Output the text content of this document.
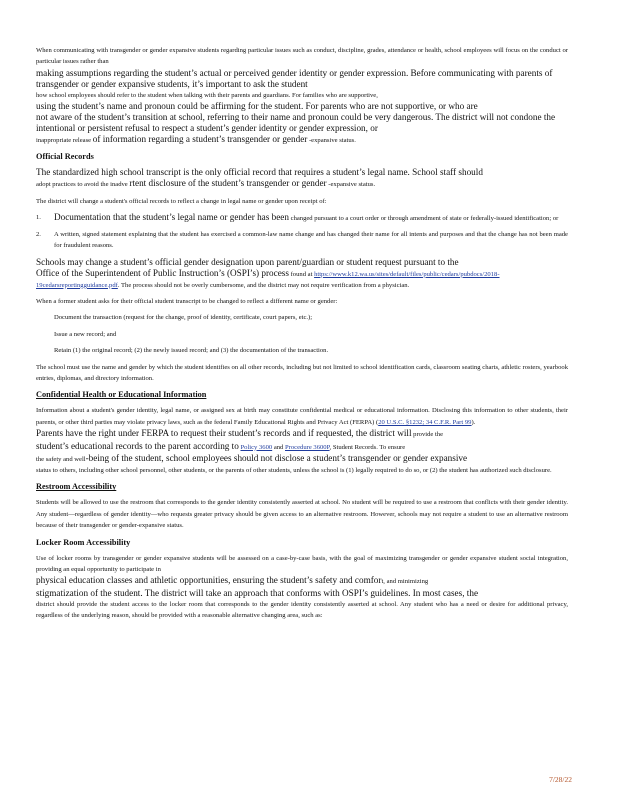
When communicating with transgender or gender expansive students regarding particular issues such as conduct, discipline, grades, attendance or health, school employees will focus on the conduct or particular issues rather than

making assumptions regarding the student’s actual or perceived gender identity or gender expression. Before communicating with parents of transgender or gender expansive students, it’s important to ask the student

how school employees should refer to the student when talking with their parents and guardians. For families who are supportive,

using the student’s name and pronoun could be affirming for the student. For parents who are not supportive, or who are

not aware of the student’s transition at school, referring to their name and pronoun could be very dangerous. The district will not condone the intentional or persistent refusal to respect a student’s gender identity or gender expression, or

inappropriate release of information regarding a student’s transgender or gender -expansive status.

Official Records

The standardized high school transcript is the only official record that requires a student’s legal name. School staff should

adopt practices to avoid the inadve rtent disclosure of the student’s transgender or gender -expansive status.

The district will change a student's official records to reflect a change in legal name or gender upon receipt of:

1.	Documentation that the student’s legal name or gender has been changed pursuant to a court order or through amendment of state or federally-issued identification; or
2.	A written, signed statement explaining that the student has exercised a common-law name change and has changed their name for all intents and purposes and that the change has not been made for fraudulent reasons.

Schools may change a student’s official gender designation upon parent/guardian or student request pursuant to the

Office of the Superintendent of Public Instruction’s (OSPI’s) process found at https://www.k12.wa.us/sites/default/files/public/cedars/pubdocs/2018-19cedarsreportingguidance.pdf. The process should not be overly cumbersome, and the district may not require verification from a physician.

When a former student asks for their official student transcript to be changed to reflect a different name or gender:

Document the transaction (request for the change, proof of identity, certificate, court papers, etc.);
Issue a new record; and
Retain (1) the original record; (2) the newly issued record; and (3) the documentation of the transaction.

The school must use the name and gender by which the student identifies on all other records, including but not limited to school identification cards, classroom seating charts, athletic rosters, yearbook entries, diplomas, and directory information.

Confidential Health or Educational Information

Information about a student's gender identity, legal name, or assigned sex at birth may constitute confidential medical or educational information. Disclosing this information to other students, their parents, or other third parties may violate privacy laws, such as the federal Family Educational Rights and Privacy Act (FERPA) (20 U.S.C. §1232; 34 C.F.R. Part 99).

Parents have the right under FERPA to request their student’s records and if requested, the district will provide the

student’s educational records to the parent according to Policy 3600 and Procedure 3600P, Student Records. To ensure

the safety and well-being of the student, school employees should not disclose a student’s transgender or gender expansive

status to others, including other school personnel, other students, or the parents of other students, unless the school is (1) legally required to do so, or (2) the student has authorized such disclosure.

Restroom Accessibility

Students will be allowed to use the restroom that corresponds to the gender identity consistently asserted at school. No student will be required to use a restroom that conflicts with their gender identity. Any student—regardless of gender identity—who requests greater privacy should be given access to an alternative restroom. However, schools may not require a student to use an alternative restroom because of their transgender or gender-expansive status.

Locker Room Accessibility

Use of locker rooms by transgender or gender expansive students will be assessed on a case-by-case basis, with the goal of maximizing transgender or gender expansive student social integration, providing an equal opportunity to participate in

physical education classes and athletic opportunities, ensuring the student’s safety and comfort, and minimizing

stigmatization of the student. The district will take an approach that conforms with OSPI’s guidelines. In most cases, the

district should provide the student access to the locker room that corresponds to the gender identity consistently asserted at school. Any student who has a need or desire for additional privacy, regardless of the underlying reason, should be provided with a reasonable alternative changing area, such as:

7/28/22
